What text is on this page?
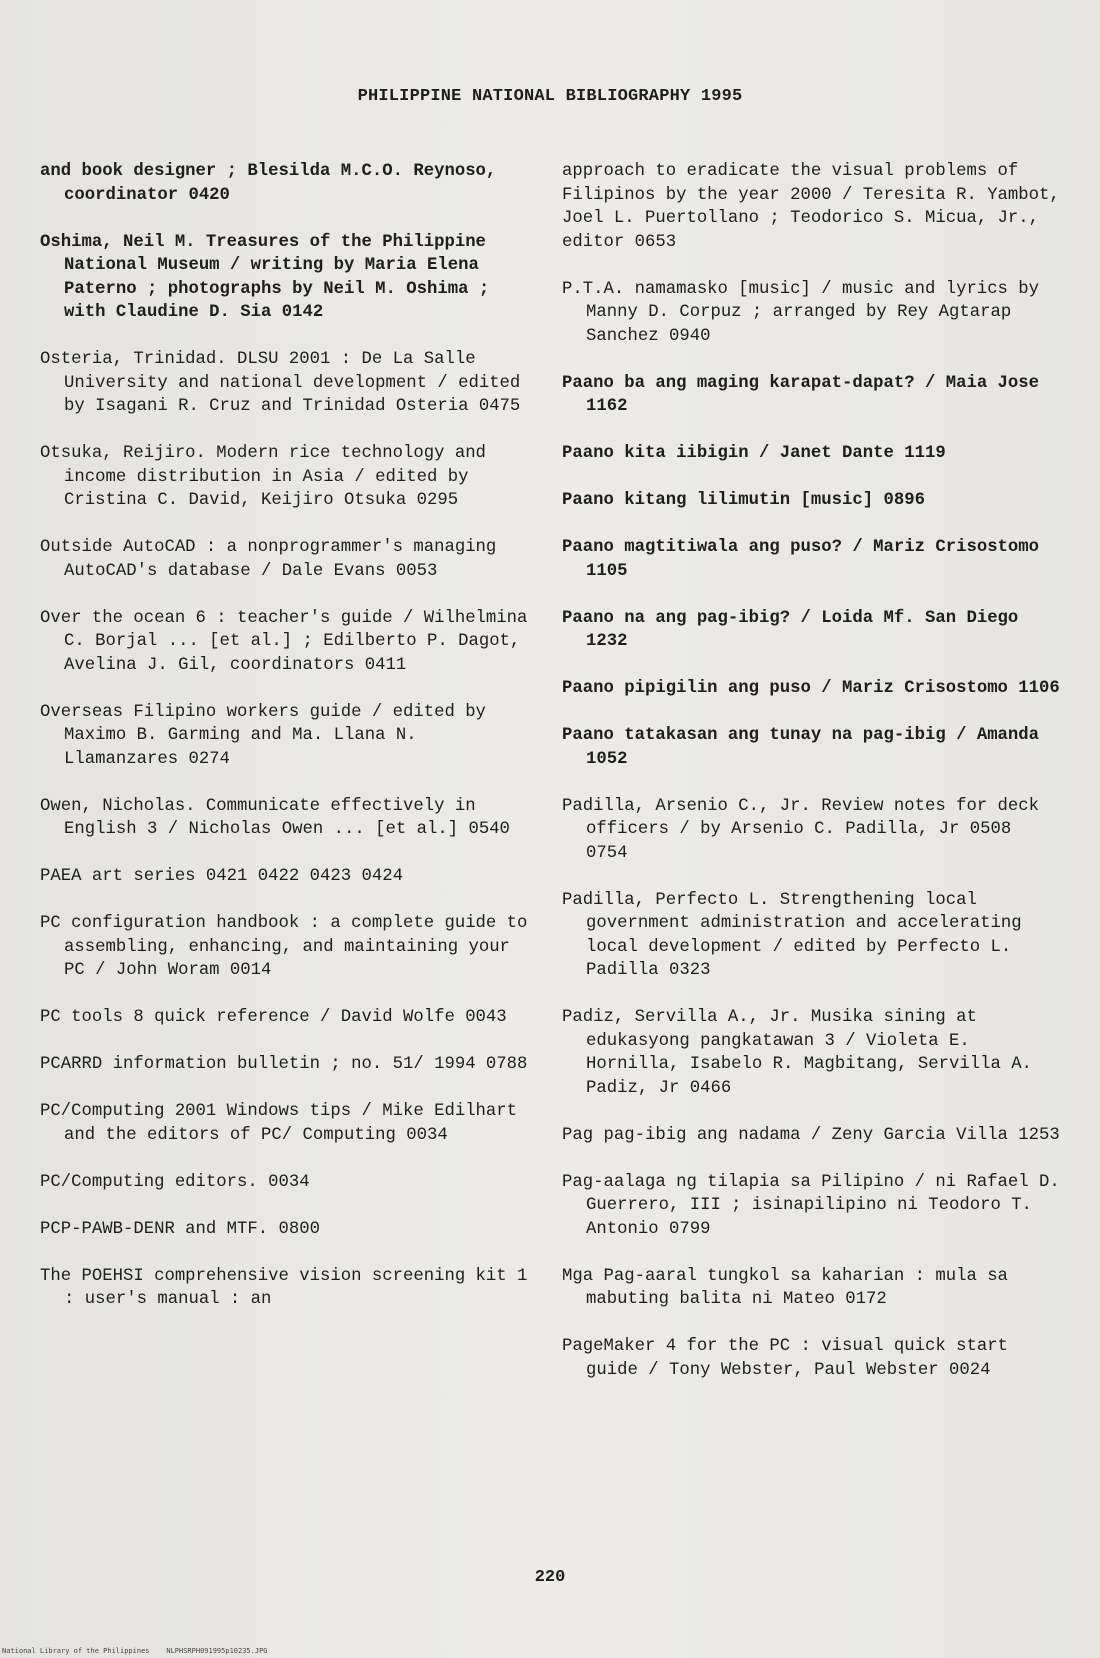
PHILIPPINE NATIONAL BIBLIOGRAPHY 1995

and book designer ; Blesilda M.C.O. Reynoso, coordinator 0420

Oshima, Neil M. Treasures of the Philippine National Museum / writing by Maria Elena Paterno ; photographs by Neil M. Oshima ; with Claudine D. Sia 0142

Osteria, Trinidad. DLSU 2001 : De La Salle University and national development / edited by Isagani R. Cruz and Trinidad Osteria 0475

Otsuka, Reijiro. Modern rice technology and income distribution in Asia / edited by Cristina C. David, Keijiro Otsuka 0295

Outside AutoCAD : a nonprogrammer's managing AutoCAD's database / Dale Evans 0053

Over the ocean 6 : teacher's guide / Wilhelmina C. Borjal ... [et al.] ; Edilberto P. Dagot, Avelina J. Gil, coordinators 0411

Overseas Filipino workers guide / edited by Maximo B. Garming and Ma. Llana N. Llamanzares 0274

Owen, Nicholas. Communicate effectively in English 3 / Nicholas Owen ... [et al.] 0540

PAEA art series 0421 0422 0423 0424

PC configuration handbook : a complete guide to assembling, enhancing, and maintaining your PC / John Woram 0014

PC tools 8 quick reference / David Wolfe 0043

PCARRD information bulletin ; no. 51/ 1994 0788

PC/Computing 2001 Windows tips / Mike Edilhart and the editors of PC/ Computing 0034

PC/Computing editors. 0034

PCP-PAWB-DENR and MTF. 0800

The POEHSI comprehensive vision screening kit 1 : user's manual : an

approach to eradicate the visual problems of Filipinos by the year 2000 / Teresita R. Yambot, Joel L. Puertollano ; Teodorico S. Micua, Jr., editor 0653

P.T.A. namamasko [music] / music and lyrics by Manny D. Corpuz ; arranged by Rey Agtarap Sanchez 0940

Paano ba ang maging karapat-dapat? / Maia Jose 1162

Paano kita iibigin / Janet Dante 1119

Paano kitang lilimutin [music] 0896

Paano magtitiwala ang puso? / Mariz Crisostomo 1105

Paano na ang pag-ibig? / Loida Mf. San Diego 1232

Paano pipigilin ang puso / Mariz Crisostomo 1106

Paano tatakasan ang tunay na pag-ibig / Amanda 1052

Padilla, Arsenio C., Jr. Review notes for deck officers / by Arsenio C. Padilla, Jr 0508 0754

Padilla, Perfecto L. Strengthening local government administration and accelerating local development / edited by Perfecto L. Padilla 0323

Padiz, Servilla A., Jr. Musika sining at edukasyong pangkatawan 3 / Violeta E. Hornilla, Isabelo R. Magbitang, Servilla A. Padiz, Jr 0466

Pag pag-ibig ang nadama / Zeny Garcia Villa 1253

Pag-aalaga ng tilapia sa Pilipino / ni Rafael D. Guerrero, III ; isinapilipino ni Teodoro T. Antonio 0799

Mga Pag-aaral tungkol sa kaharian : mula sa mabuting balita ni Mateo 0172

PageMaker 4 for the PC : visual quick start guide / Tony Webster, Paul Webster 0024

220
National Library of the Philippines    NLPHSRPH091995p10235.JPG
